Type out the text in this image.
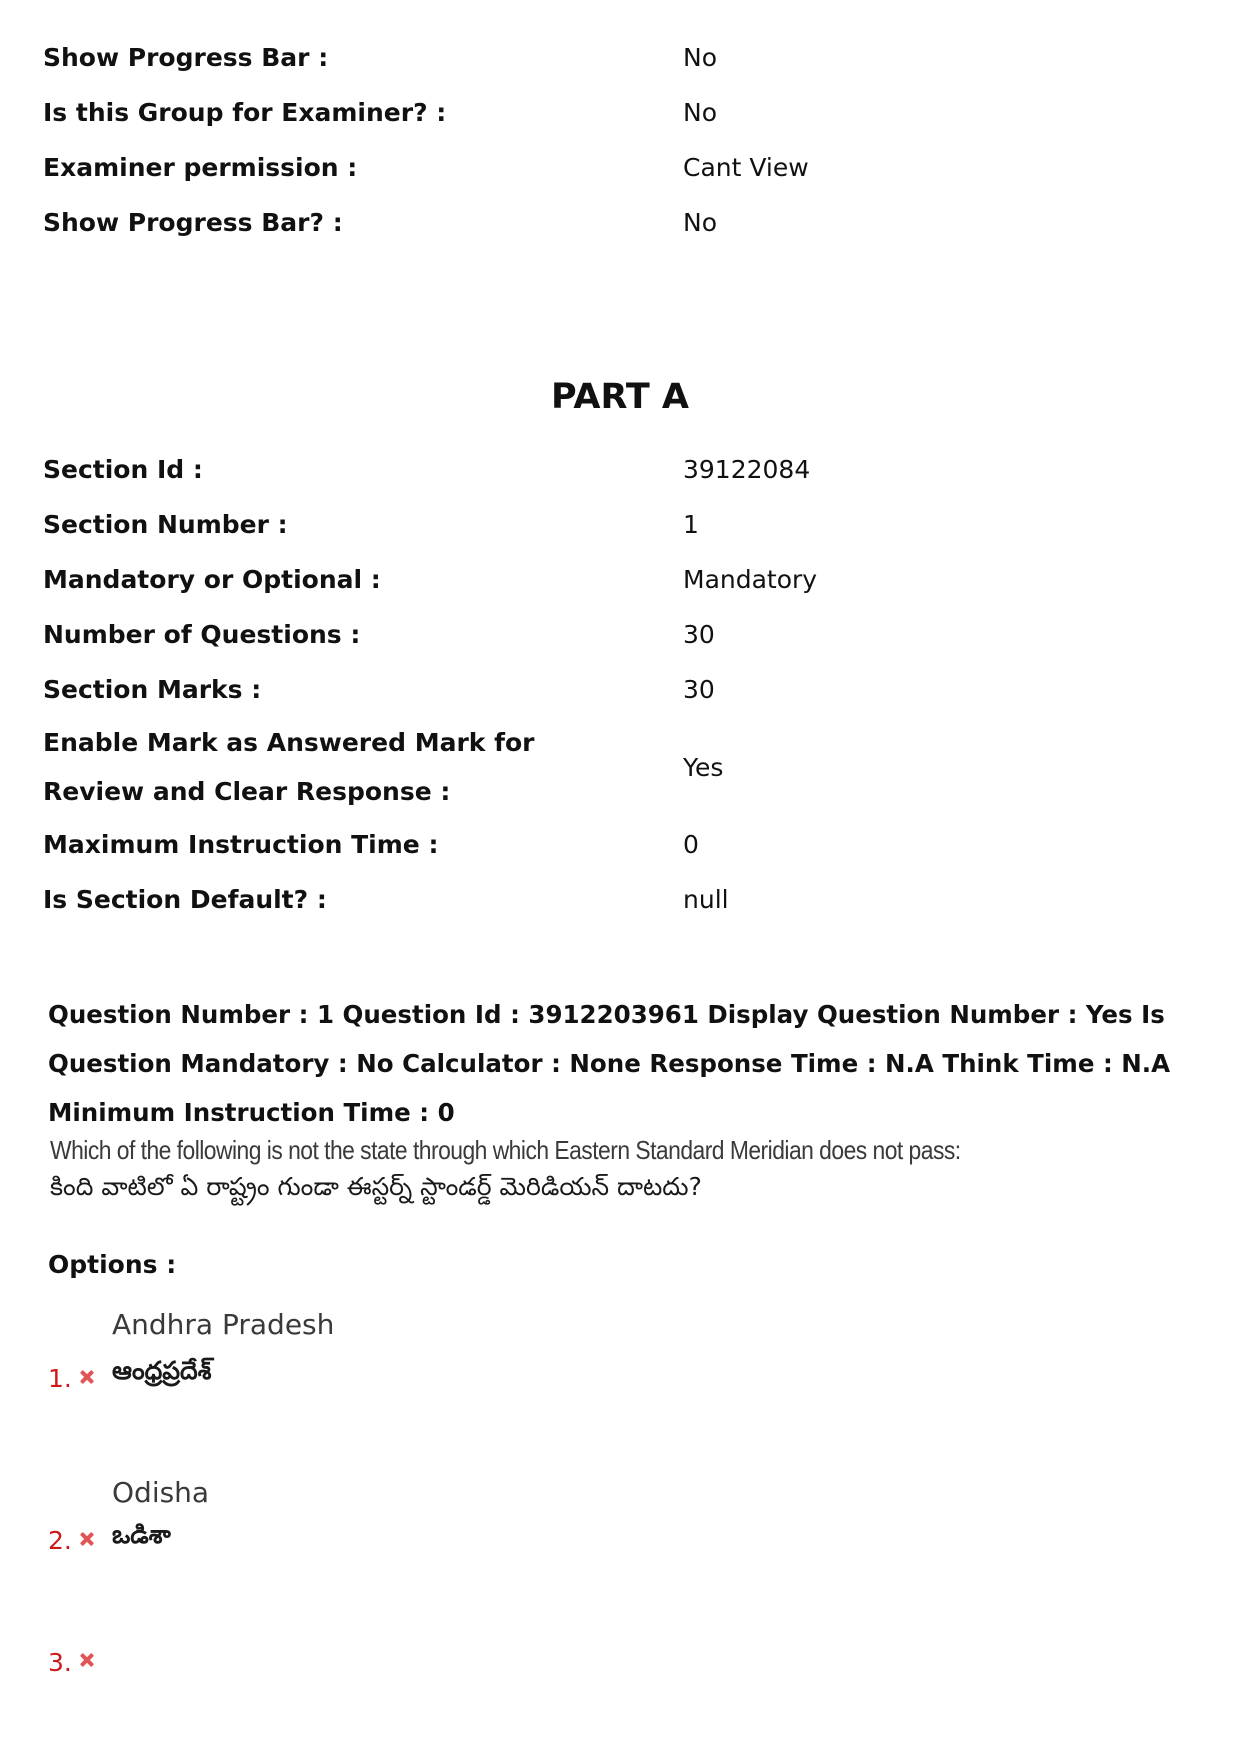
Show Progress Bar :	No
Is this Group for Examiner? :	No
Examiner permission :	Cant View
Show Progress Bar? :	No
PART A
Section Id :	39122084
Section Number :	1
Mandatory or Optional :	Mandatory
Number of Questions :	30
Section Marks :	30
Enable Mark as Answered Mark for Review and Clear Response :
Yes
Maximum Instruction Time :	0
Is Section Default? :	null
Question Number : 1 Question Id : 3912203961 Display Question Number : Yes Is Question Mandatory : No Calculator : None Response Time : N.A Think Time : N.A Minimum Instruction Time : 0
Which of the following is not the state through which Eastern Standard Meridian does not pass:
కింది వాటిలో ఏ రాష్ట్రం గుండా ఈస్టర్న్ స్టాండర్డ్ మెరిడియన్ దాటదు?
Options :
Andhra Pradesh
1. ఆంధ్రప్రదేశ్
Odisha
2. ఒడిశా
3.
